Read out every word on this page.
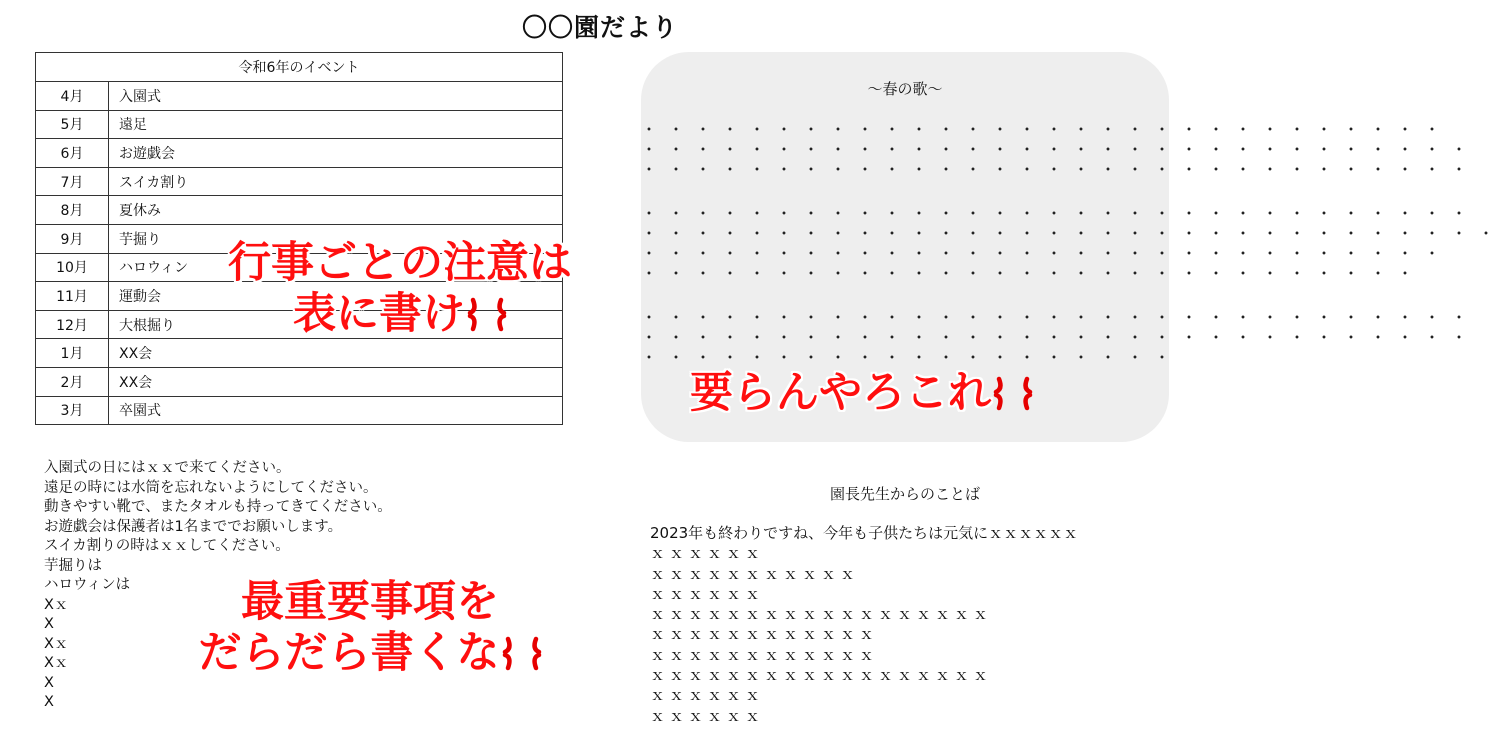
〇〇園だより
令和6年のイベント	
4月	入園式
5月	遠足
6月	お遊戯会
7月	スイカ割り
8月	夏休み
9月	芋掘り
10月	ハロウィン
11月	運動会
12月	大根掘り
1月	XX会
2月	XX会
3月	卒園式
入園式の日にはｘｘで来てください。
遠足の時には水筒を忘れないようにしてください。
動きやすい靴で、またタオルも持ってきてください。
お遊戯会は保護者は1名まででお願いします。
スイカ割りの時はｘｘしてください。
芋掘りは
ハロウィンは
Xｘ
X
Xｘ
Xｘ
X
X
〜春の歌〜
・・・・・・・・・・・・・・・・・・・・・・・・・・・・・・
・・・・・・・・・・・・・・・・・・・・・・・・・・・・・・・
・・・・・・・・・・・・・・・・・・・・・・・・・・・・・・・
・・・・・・・・・・・・・・・・・・・・・・・・・・・・・・・
・・・・・・・・・・・・・・・・・・・・・・・・・・・・・・・・
・・・・・・・・・・・・・・・・・・・・・・・・・・・・・・
・・・・・・・・・・・・・・・・・・・・・・・・・・・・・
・・・・・・・・・・・・・・・・・・・・・・・・・・・・・・・
・・・・・・・・・・・・・・・・・・・・・・・・・・・・・・・
・・・・・・・・・・・・・・・・・・・・
園長先生からのことば
2023年も終わりですね、今年も子供たちは元気にｘｘｘｘｘｘ
ｘｘｘｘｘｘ
ｘｘｘｘｘｘｘｘｘｘｘ
ｘｘｘｘｘｘ
ｘｘｘｘｘｘｘｘｘｘｘｘｘｘｘｘｘｘ
ｘｘｘｘｘｘｘｘｘｘｘｘ
ｘｘｘｘｘｘｘｘｘｘｘｘ
ｘｘｘｘｘｘｘｘｘｘｘｘｘｘｘｘｘｘ
ｘｘｘｘｘｘ
ｘｘｘｘｘｘ
行事ごとの注意は
表に書け
要らんやろこれ
最重要事項を
だらだら書くな
